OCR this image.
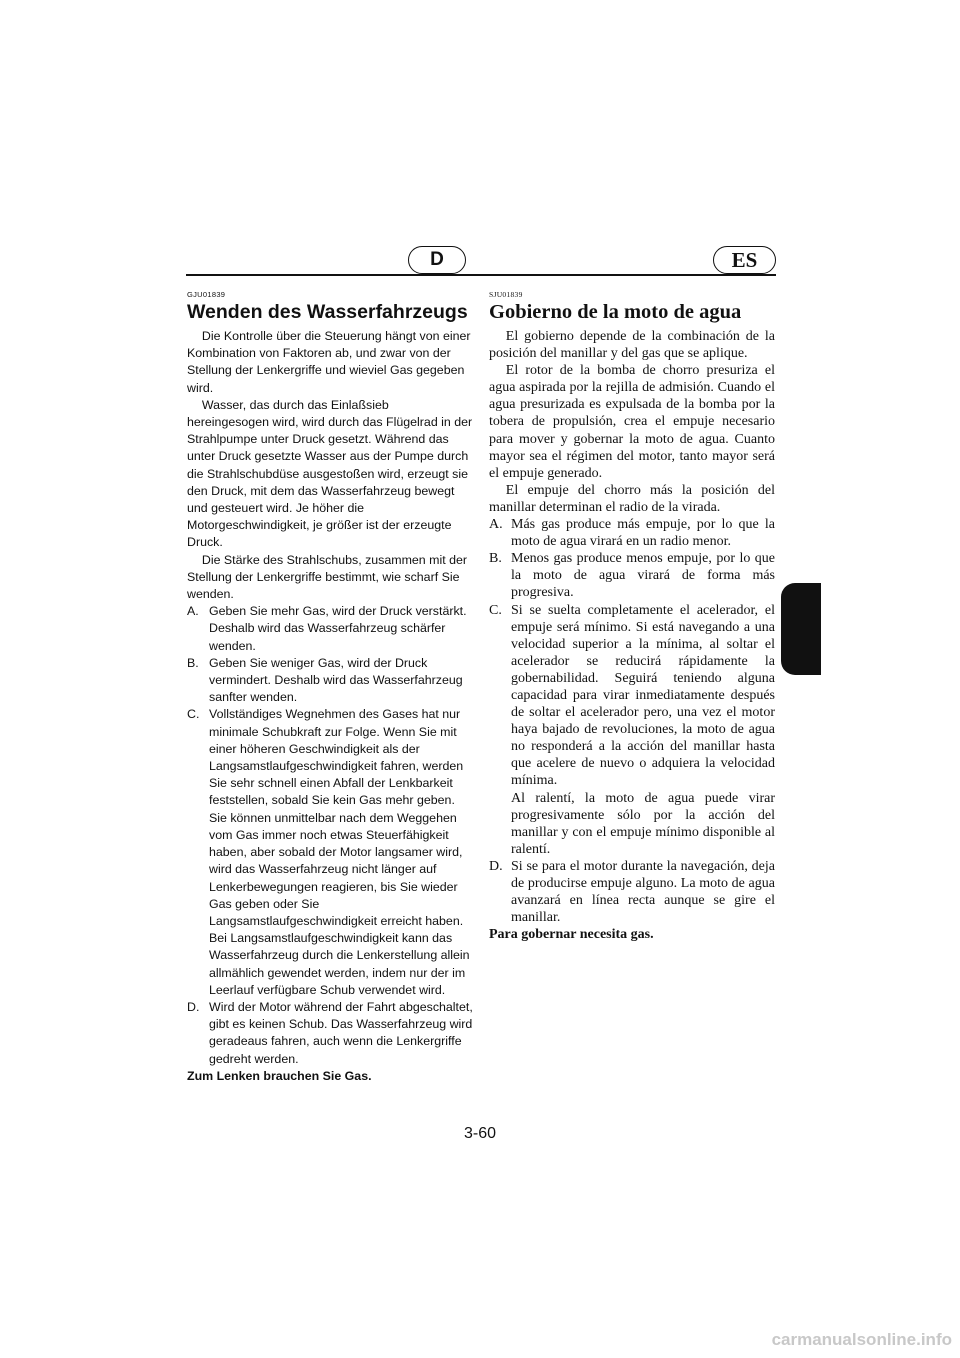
D	ES

GJU01839

Wenden des Wasserfahrzeugs

Die Kontrolle über die Steuerung hängt von einer Kombination von Faktoren ab, und zwar von der Stellung der Lenkergriffe und wieviel Gas gegeben wird.

Wasser, das durch das Einlaßsieb hereingesogen wird, wird durch das Flügelrad in der Strahlpumpe unter Druck gesetzt. Während das unter Druck gesetzte Wasser aus der Pumpe durch die Strahlschubdüse ausgestoßen wird, erzeugt sie den Druck, mit dem das Wasserfahrzeug bewegt und gesteuert wird. Je höher die Motorgeschwindigkeit, je größer ist der erzeugte Druck.

Die Stärke des Strahlschubs, zusammen mit der Stellung der Lenkergriffe bestimmt, wie scharf Sie wenden.

A. Geben Sie mehr Gas, wird der Druck verstärkt. Deshalb wird das Wasserfahrzeug schärfer wenden.
B. Geben Sie weniger Gas, wird der Druck vermindert. Deshalb wird das Wasserfahrzeug sanfter wenden.
C. Vollständiges Wegnehmen des Gases hat nur minimale Schubkraft zur Folge. Wenn Sie mit einer höheren Geschwindigkeit als der Langsamstlaufgeschwindigkeit fahren, werden Sie sehr schnell einen Abfall der Lenkbarkeit feststellen, sobald Sie kein Gas mehr geben. Sie können unmittelbar nach dem Weggehen vom Gas immer noch etwas Steuerfähigkeit haben, aber sobald der Motor langsamer wird, wird das Wasserfahrzeug nicht länger auf Lenkerbewegungen reagieren, bis Sie wieder Gas geben oder Sie Langsamstlaufgeschwindigkeit erreicht haben.

Bei Langsamstlaufgeschwindigkeit kann das Wasserfahrzeug durch die Lenkerstellung allein allmählich gewendet werden, indem nur der im Leerlauf verfügbare Schub verwendet wird.

D. Wird der Motor während der Fahrt abgeschaltet, gibt es keinen Schub. Das Wasserfahrzeug wird geradeaus fahren, auch wenn die Lenkergriffe gedreht werden.

Zum Lenken brauchen Sie Gas.

SJU01839

Gobierno de la moto de agua

El gobierno depende de la combinación de la posición del manillar y del gas que se aplique.

El rotor de la bomba de chorro presuriza el agua aspirada por la rejilla de admisión. Cuando el agua presurizada es expulsada de la bomba por la tobera de propulsión, crea el empuje necesario para mover y gobernar la moto de agua. Cuanto mayor sea el régimen del motor, tanto mayor será el empuje generado.

El empuje del chorro más la posición del manillar determinan el radio de la virada.

A. Más gas produce más empuje, por lo que la moto de agua virará en un radio menor.
B. Menos gas produce menos empuje, por lo que la moto de agua virará de forma más progresiva.
C. Si se suelta completamente el acelerador, el empuje será mínimo. Si está navegando a una velocidad superior a la mínima, al soltar el acelerador se reducirá rápidamente la gobernabilidad. Seguirá teniendo alguna capacidad para virar inmediatamente después de soltar el acelerador pero, una vez el motor haya bajado de revoluciones, la moto de agua no responderá a la acción del manillar hasta que acelere de nuevo o adquiera la velocidad mínima.

Al ralentí, la moto de agua puede virar progresivamente sólo por la acción del manillar y con el empuje mínimo disponible al ralentí.

D. Si se para el motor durante la navegación, deja de producirse empuje alguno. La moto de agua avanzará en línea recta aunque se gire el manillar.

Para gobernar necesita gas.

3-60
carmanualsonline.info
